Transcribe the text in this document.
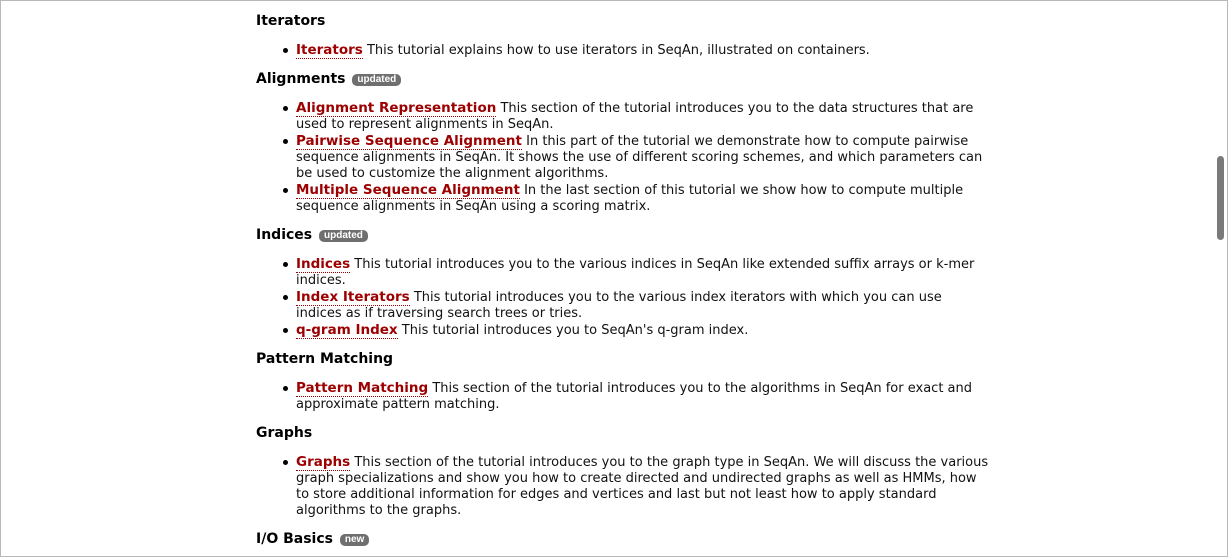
Iterators
Iterators This tutorial explains how to use iterators in SeqAn, illustrated on containers.
Alignments updated
Alignment Representation This section of the tutorial introduces you to the data structures that are used to represent alignments in SeqAn.
Pairwise Sequence Alignment In this part of the tutorial we demonstrate how to compute pairwise sequence alignments in SeqAn. It shows the use of different scoring schemes, and which parameters can be used to customize the alignment algorithms.
Multiple Sequence Alignment In the last section of this tutorial we show how to compute multiple sequence alignments in SeqAn using a scoring matrix.
Indices updated
Indices This tutorial introduces you to the various indices in SeqAn like extended suffix arrays or k-mer indices.
Index Iterators This tutorial introduces you to the various index iterators with which you can use indices as if traversing search trees or tries.
q-gram Index This tutorial introduces you to SeqAn's q-gram index.
Pattern Matching
Pattern Matching This section of the tutorial introduces you to the algorithms in SeqAn for exact and approximate pattern matching.
Graphs
Graphs This section of the tutorial introduces you to the graph type in SeqAn. We will discuss the various graph specializations and show you how to create directed and undirected graphs as well as HMMs, how to store additional information for edges and vertices and last but not least how to apply standard algorithms to the graphs.
I/O Basics new
